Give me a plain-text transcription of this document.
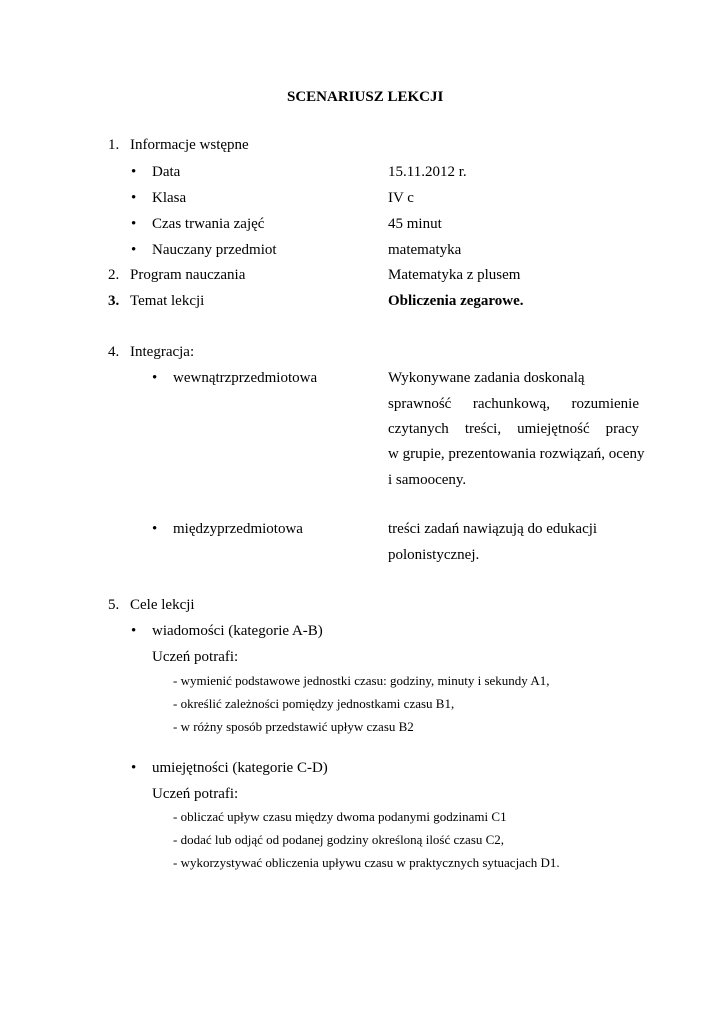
SCENARIUSZ LEKCJI
1. Informacje wstępne
• Data	15.11.2012 r.
• Klasa	IV c
• Czas trwania zajęć	45 minut
• Nauczany przedmiot	matematyka
2. Program nauczania	Matematyka z plusem
3. Temat lekcji	Obliczenia zegarowe.
4. Integracja:
• wewnątrzprzedmiotowa	Wykonywane zadania doskonalą
sprawność rachunkową, rozumienie
czytanych treści, umiejętność pracy
w grupie, prezentowania rozwiązań, oceny
i samooceny.
• międzyprzedmiotowa	treści zadań nawiązują do edukacji
polonistycznej.
5. Cele lekcji
• wiadomości (kategorie A-B)
Uczeń potrafi:
- wymienić podstawowe jednostki czasu: godziny, minuty i sekundy A1,
- określić zależności pomiędzy jednostkami czasu B1,
- w różny sposób przedstawić upływ czasu B2
• umiejętności (kategorie C-D)
Uczeń potrafi:
- obliczać upływ czasu między dwoma podanymi godzinami C1
- dodać lub odjąć od podanej godziny określoną ilość czasu C2,
- wykorzystywać obliczenia upływu czasu w praktycznych sytuacjach D1.
